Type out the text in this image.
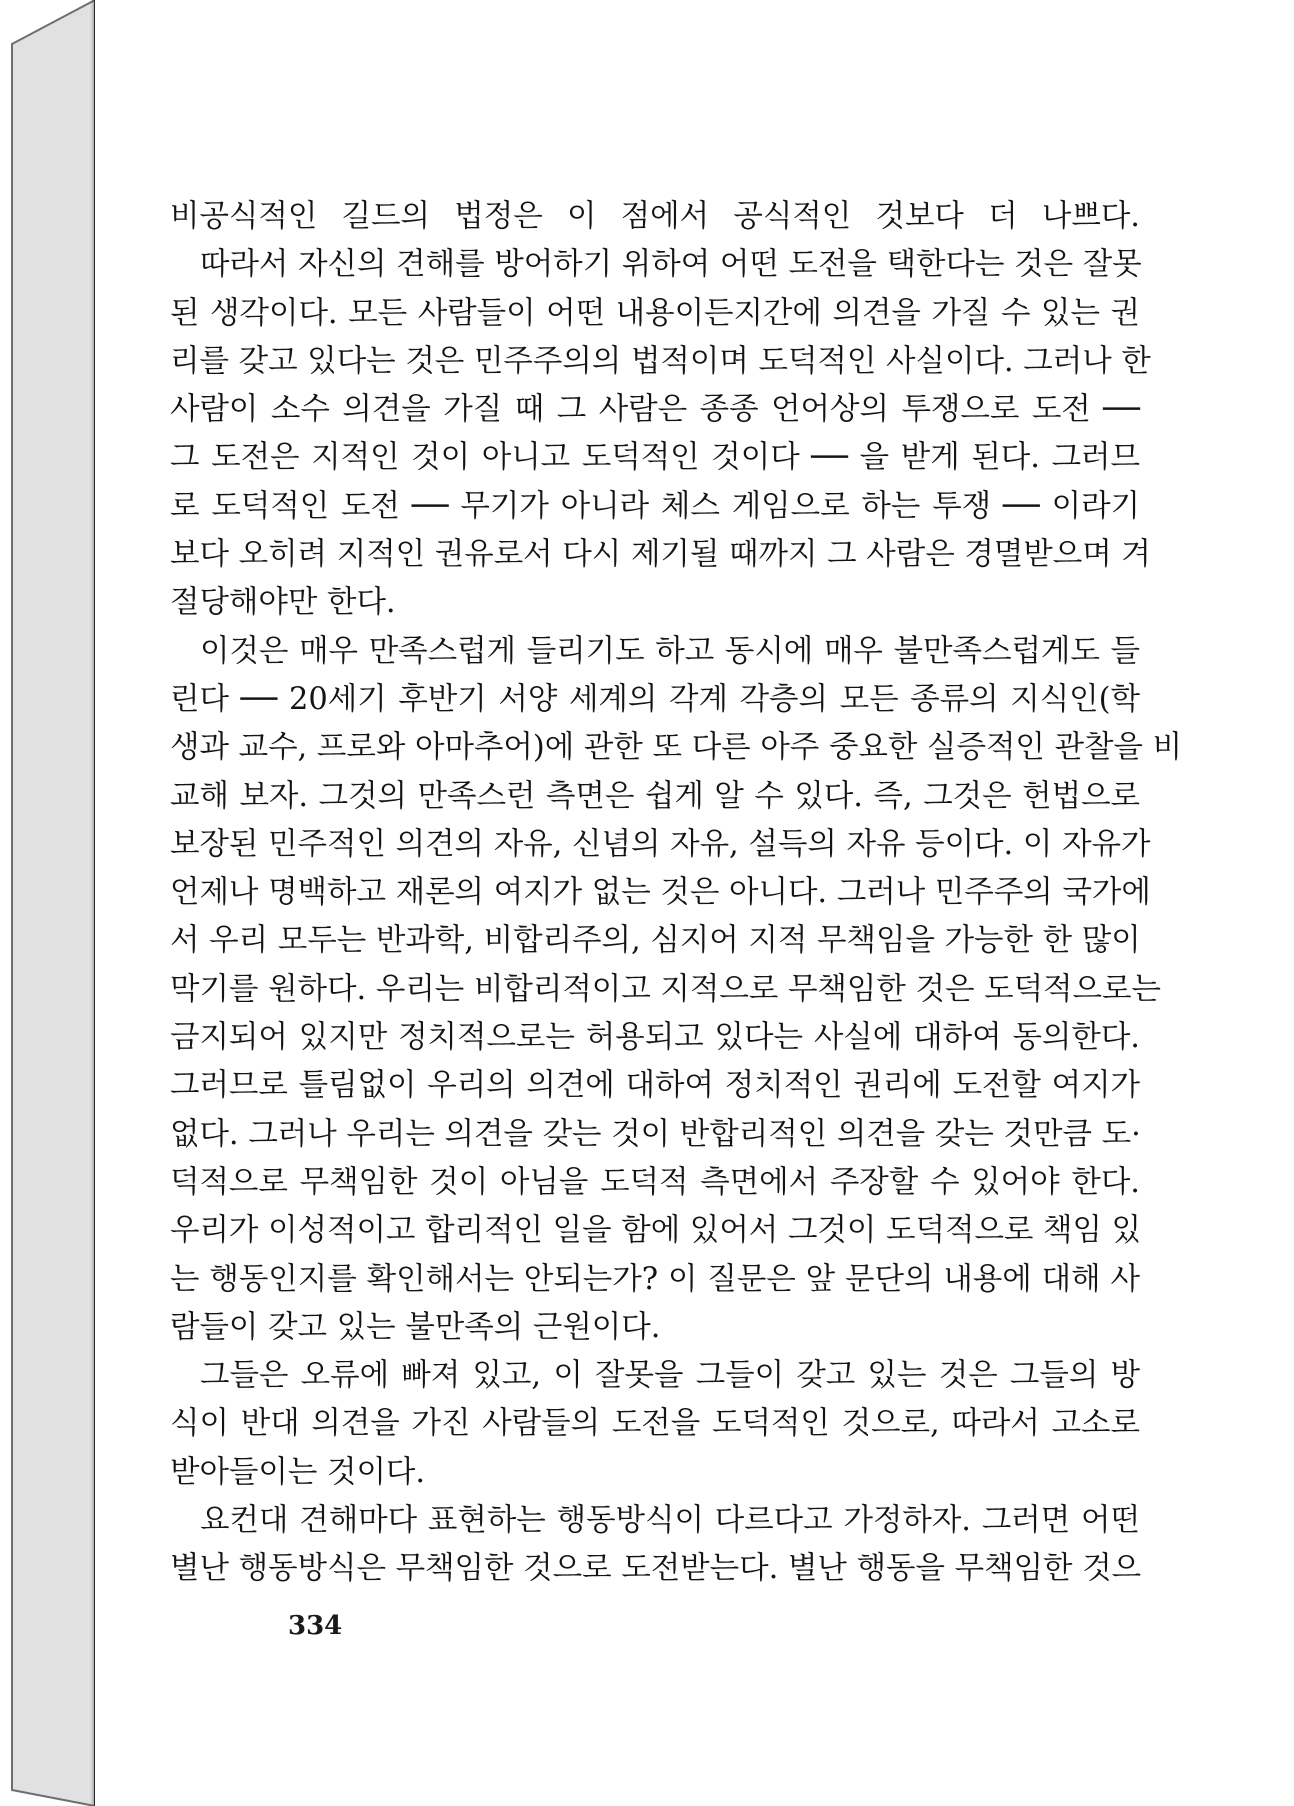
비공식적인 길드의 법정은 이 점에서 공식적인 것보다 더 나쁘다.
따라서 자신의 견해를 방어하기 위하여 어떤 도전을 택한다는 것은 잘못
된 생각이다. 모든 사람들이 어떤 내용이든지간에 의견을 가질 수 있는 권
리를 갖고 있다는 것은 민주주의의 법적이며 도덕적인 사실이다. 그러나 한
사람이 소수 의견을 가질 때 그 사람은 종종 언어상의 투쟁으로 도전 ──
그 도전은 지적인 것이 아니고 도덕적인 것이다 ── 을 받게 된다. 그러므
로 도덕적인 도전 ── 무기가 아니라 체스 게임으로 하는 투쟁 ── 이라기
보다 오히려 지적인 권유로서 다시 제기될 때까지 그 사람은 경멸받으며 겨
절당해야만 한다.
이것은 매우 만족스럽게 들리기도 하고 동시에 매우 불만족스럽게도 들
린다 ── 20세기 후반기 서양 세계의 각계 각층의 모든 종류의 지식인(학
생과 교수, 프로와 아마추어)에 관한 또 다른 아주 중요한 실증적인 관찰을 비
교해 보자. 그것의 만족스런 측면은 쉽게 알 수 있다. 즉, 그것은 헌법으로
보장된 민주적인 의견의 자유, 신념의 자유, 설득의 자유 등이다. 이 자유가
언제나 명백하고 재론의 여지가 없는 것은 아니다. 그러나 민주주의 국가에
서 우리 모두는 반과학, 비합리주의, 심지어 지적 무책임을 가능한 한 많이
막기를 원하다. 우리는 비합리적이고 지적으로 무책임한 것은 도덕적으로는
금지되어 있지만 정치적으로는 허용되고 있다는 사실에 대하여 동의한다.
그러므로 틀림없이 우리의 의견에 대하여 정치적인 권리에 도전할 여지가
없다. 그러나 우리는 의견을 갖는 것이 반합리적인 의견을 갖는 것만큼 도·
덕적으로 무책임한 것이 아님을 도덕적 측면에서 주장할 수 있어야 한다.
우리가 이성적이고 합리적인 일을 함에 있어서 그것이 도덕적으로 책임 있
는 행동인지를 확인해서는 안되는가? 이 질문은 앞 문단의 내용에 대해 사
람들이 갖고 있는 불만족의 근원이다.
그들은 오류에 빠져 있고, 이 잘못을 그들이 갖고 있는 것은 그들의 방
식이 반대 의견을 가진 사람들의 도전을 도덕적인 것으로, 따라서 고소로
받아들이는 것이다.
요컨대 견해마다 표현하는 행동방식이 다르다고 가정하자. 그러면 어떤
별난 행동방식은 무책임한 것으로 도전받는다. 별난 행동을 무책임한 것으
334
